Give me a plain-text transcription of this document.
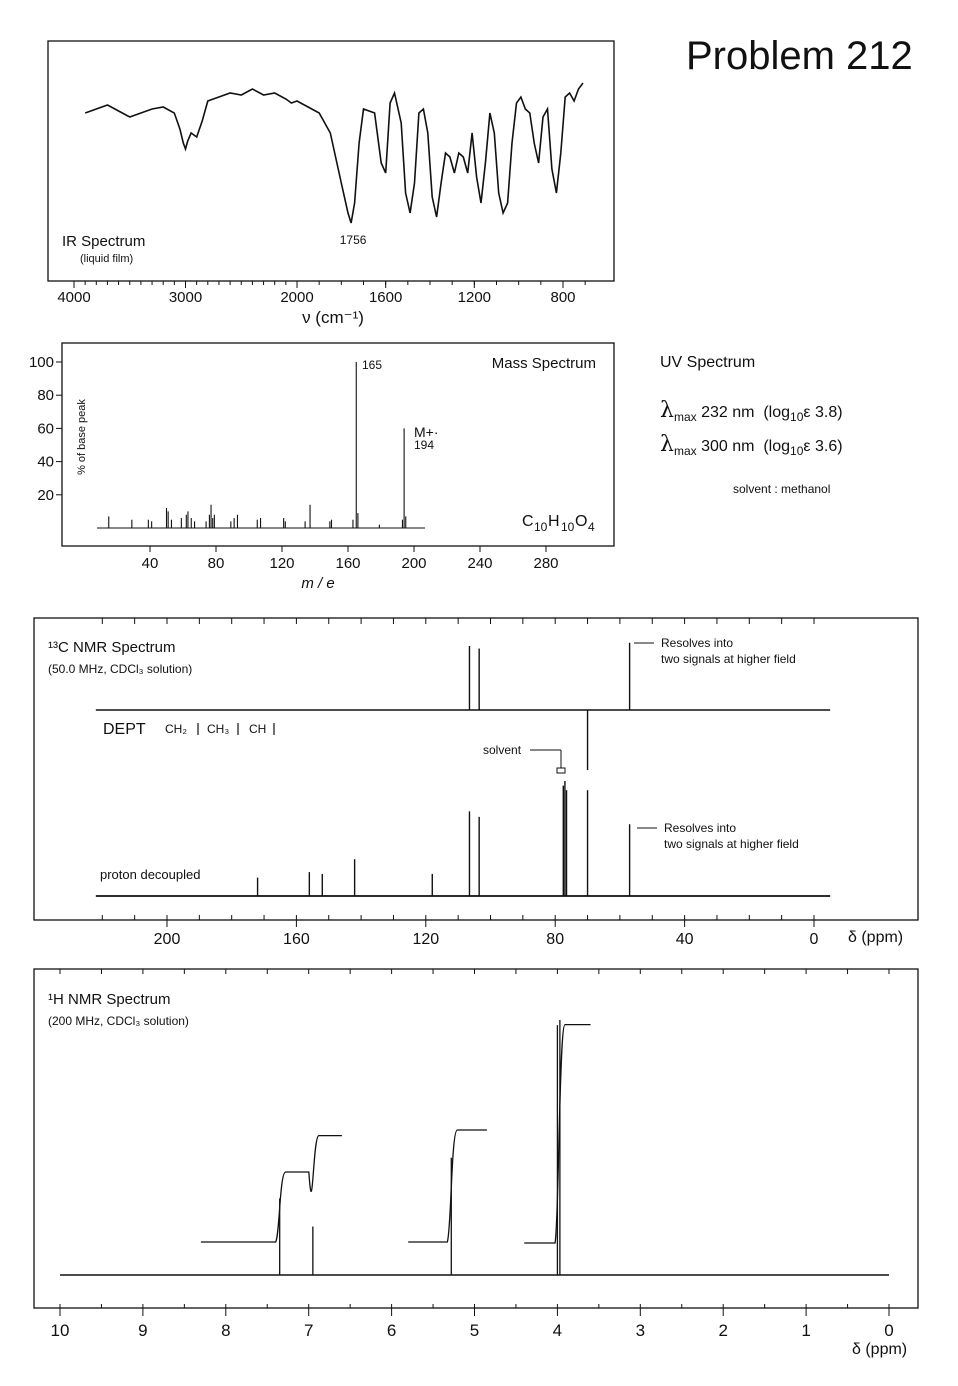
Problem 212
4000	3000	2000	1600	1200	800
IR Spectrum
(liquid film)
1756
ν (cm⁻¹)
100
80
60
40
20
40	80	120	160	200	240	280
165
M+·
194
Mass Spectrum
% of base peak
m / e
C 10 H 10 O 4
200	160	120	80	40	0 δ (ppm)
¹³C NMR Spectrum
(50.0 MHz, CDCl₃ solution)
DEPT CH₂ CH₃ CH
proton decoupled
solvent
Resolves into
two signals at higher field
Resolves into
two signals at higher field
10	9	8	7	6	5	4	3	2	1	0
δ (ppm)
¹H NMR Spectrum
(200 MHz, CDCl₃ solution)
UV Spectrum
$\lambda_{max}$ 232 nm ($\log_{10}\varepsilon$ 3.8)
$\lambda_{max}$ 300 nm ($\log_{10}\varepsilon$ 3.6)
solvent : methanol
